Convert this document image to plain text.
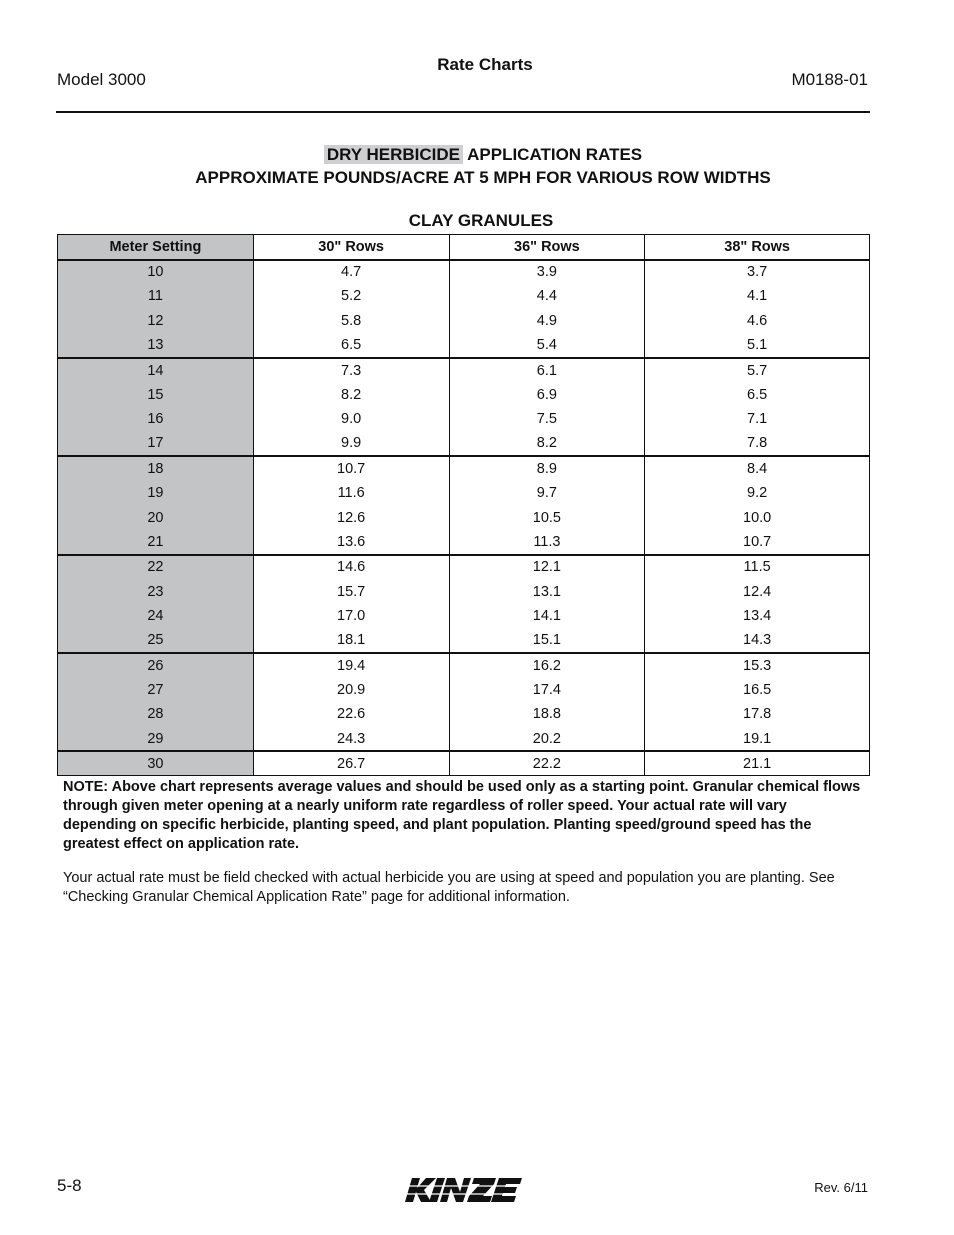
Model 3000
Rate Charts
M0188-01
DRY HERBICIDE APPLICATION RATES
APPROXIMATE POUNDS/ACRE AT 5 MPH FOR VARIOUS ROW WIDTHS
CLAY GRANULES
Meter Setting	30" Rows	36" Rows	38" Rows
10	4.7	3.9	3.7
11	5.2	4.4	4.1
12	5.8	4.9	4.6
13	6.5	5.4	5.1
14	7.3	6.1	5.7
15	8.2	6.9	6.5
16	9.0	7.5	7.1
17	9.9	8.2	7.8
18	10.7	8.9	8.4
19	11.6	9.7	9.2
20	12.6	10.5	10.0
21	13.6	11.3	10.7
22	14.6	12.1	11.5
23	15.7	13.1	12.4
24	17.0	14.1	13.4
25	18.1	15.1	14.3
26	19.4	16.2	15.3
27	20.9	17.4	16.5
28	22.6	18.8	17.8
29	24.3	20.2	19.1
30	26.7	22.2	21.1
NOTE: Above chart represents average values and should be used only as a starting point. Granular chemical flows through given meter opening at a nearly uniform rate regardless of roller speed. Your actual rate will vary depending on specific herbicide, planting speed, and plant population. Planting speed/ground speed has the greatest effect on application rate.
Your actual rate must be field checked with actual herbicide you are using at speed and population you are planting. See “Checking Granular Chemical Application Rate” page for additional information.
5-8	Rev. 6/11
